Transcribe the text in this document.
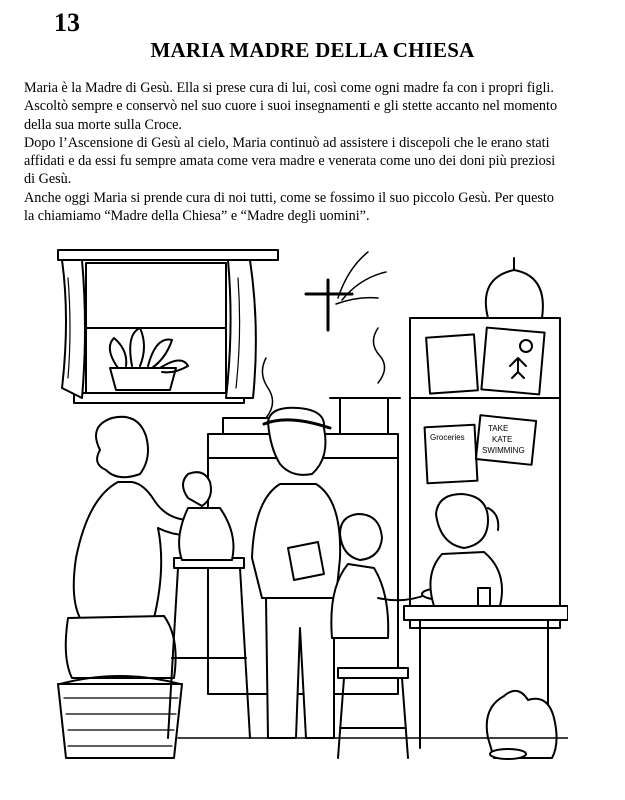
13
MARIA MADRE DELLA CHIESA

Maria è la Madre di Gesù. Ella si prese cura di lui, così come ogni madre fa con i propri figli.

Ascoltò sempre e conservò nel suo cuore i suoi insegnamenti e gli stette accanto nel momento

della sua morte sulla Croce.

Dopo l’Ascensione di Gesù al cielo, Maria continuò ad assistere i discepoli che le erano stati

affidati e da essi fu sempre amata come vera madre e venerata come uno dei doni più preziosi

di Gesù.

Anche oggi Maria si prende cura di noi tutti, come se fossimo il suo piccolo Gesù. Per questo

la chiamiamo “Madre della Chiesa” e “Madre degli uomini”.

Groceries
TAKE
KATE
SWIMMING
